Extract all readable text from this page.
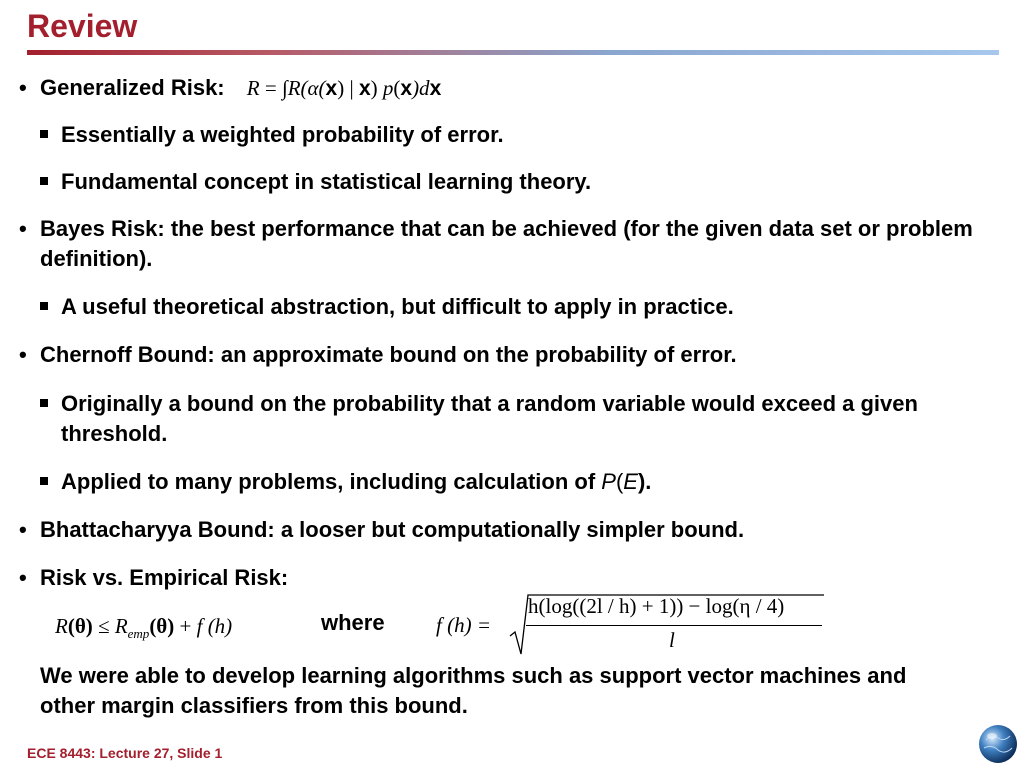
Review
• Generalized Risk: R = ∫R(α(x) | x) p(x)dx
Essentially a weighted probability of error.
Fundamental concept in statistical learning theory.
• Bayes Risk: the best performance that can be achieved (for the given data set or problem definition).
A useful theoretical abstraction, but difficult to apply in practice.
• Chernoff Bound: an approximate bound on the probability of error.
Originally a bound on the probability that a random variable would exceed a given threshold.
Applied to many problems, including calculation of P(E).
• Bhattacharyya Bound: a looser but computationally simpler bound.
• Risk vs. Empirical Risk:
$R(\theta) \le R_{emp}(\theta) + f$ (h)	where f (h) =
h(log((2l / h) + 1)) − log(η / 4)
l
We were able to develop learning algorithms such as support vector machines and other margin classifiers from this bound.
ECE 8443: Lecture 27, Slide 1
